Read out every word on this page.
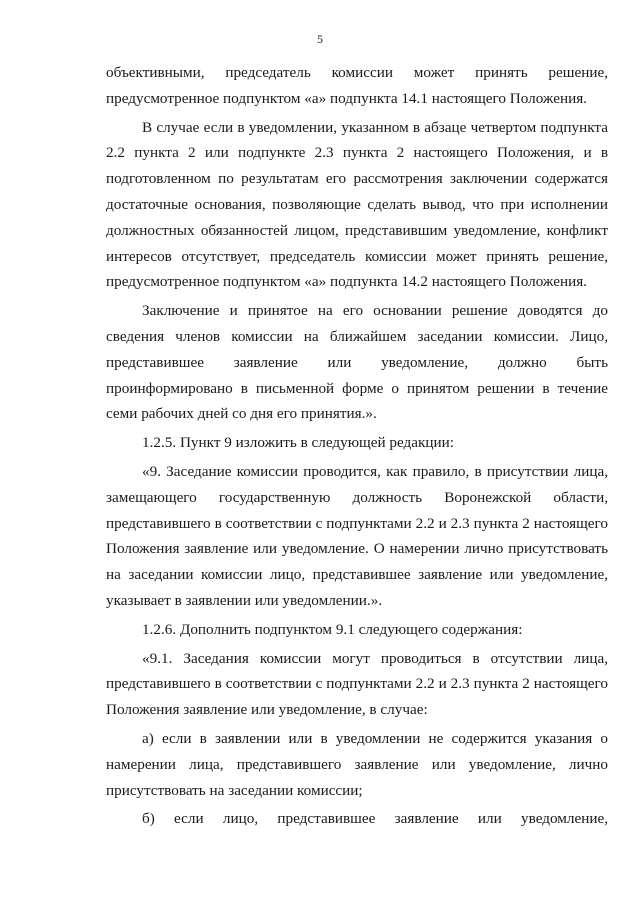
5

объективными, председатель комиссии может принять решение, предусмотренное подпунктом «а» подпункта 14.1 настоящего Положения.

В случае если в уведомлении, указанном в абзаце четвертом подпункта 2.2 пункта 2 или подпункте 2.3 пункта 2 настоящего Положения, и в подготовленном по результатам его рассмотрения заключении содержатся достаточные основания, позволяющие сделать вывод, что при исполнении должностных обязанностей лицом, представившим уведомление, конфликт интересов отсутствует, председатель комиссии может принять решение, предусмотренное подпунктом «а» подпункта 14.2 настоящего Положения.

Заключение и принятое на его основании решение доводятся до сведения членов комиссии на ближайшем заседании комиссии. Лицо, представившее заявление или уведомление, должно быть проинформировано в письменной форме о принятом решении в течение семи рабочих дней со дня его принятия.».

1.2.5. Пункт 9 изложить в следующей редакции:

«9. Заседание комиссии проводится, как правило, в присутствии лица, замещающего государственную должность Воронежской области, представившего в соответствии с подпунктами 2.2 и 2.3 пункта 2 настоящего Положения заявление или уведомление. О намерении лично присутствовать на заседании комиссии лицо, представившее заявление или уведомление, указывает в заявлении или уведомлении.».

1.2.6. Дополнить подпунктом 9.1 следующего содержания:

«9.1. Заседания комиссии могут проводиться в отсутствии лица, представившего в соответствии с подпунктами 2.2 и 2.3 пункта 2 настоящего Положения заявление или уведомление, в случае:

а) если в заявлении или в уведомлении не содержится указания о намерении лица, представившего заявление или уведомление, лично присутствовать на заседании комиссии;

б) если лицо, представившее заявление или уведомление,
